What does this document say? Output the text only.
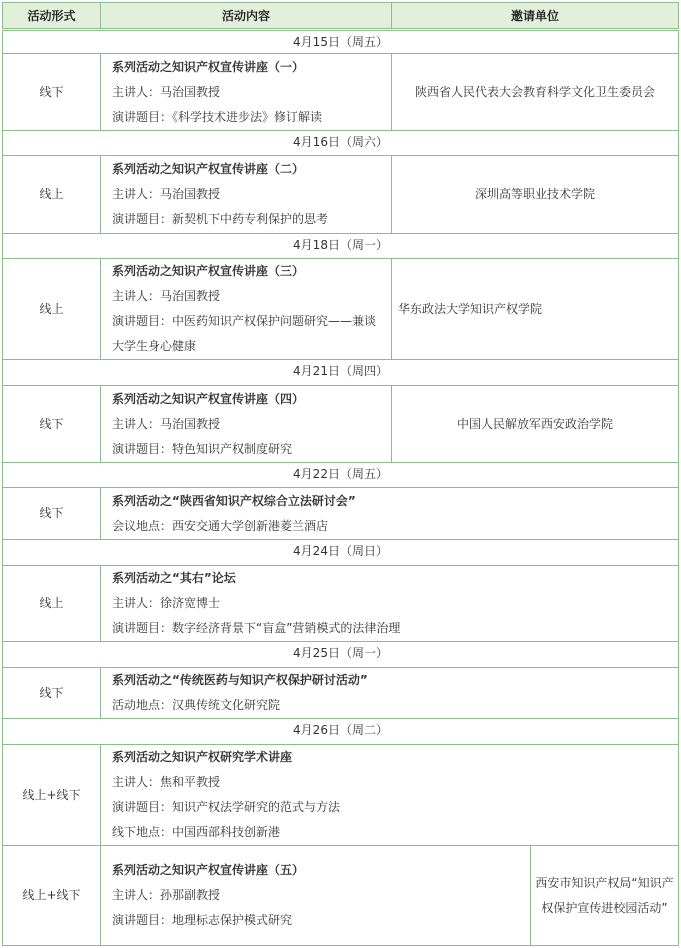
活动形式	活动内容	邀请单位
4月15日（周五）
线下
系列活动之知识产权宣传讲座（一）
主讲人：马治国教授
演讲题目：《科学技术进步法》修订解读
陕西省人民代表大会教育科学文化卫生委员会
4月16日（周六）
线上
系列活动之知识产权宣传讲座（二）
主讲人：马治国教授
演讲题目：新契机下中药专利保护的思考
深圳高等职业技术学院
4月18日（周一）
线上
系列活动之知识产权宣传讲座（三）
主讲人：马治国教授
演讲题目：中医药知识产权保护问题研究——兼谈大学生身心健康
华东政法大学知识产权学院
4月21日（周四）
线下
系列活动之知识产权宣传讲座（四）
主讲人：马治国教授
演讲题目：特色知识产权制度研究
中国人民解放军西安政治学院
4月22日（周五）
线下
系列活动之“陕西省知识产权综合立法研讨会”
会议地点：西安交通大学创新港菱兰酒店
4月24日（周日）
线上
系列活动之“其右”论坛
主讲人：徐济宽博士
演讲题目：数字经济背景下“盲盒”营销模式的法律治理
4月25日（周一）
线下
系列活动之“传统医药与知识产权保护研讨活动”
活动地点：汉典传统文化研究院
4月26日（周二）
线上+线下
系列活动之知识产权研究学术讲座
主讲人：焦和平教授
演讲题目：知识产权法学研究的范式与方法
线下地点：中国西部科技创新港
线上+线下
系列活动之知识产权宣传讲座（五）
主讲人：孙那副教授
演讲题目：地理标志保护模式研究
西安市知识产权局“知识产权保护宣传进校园活动”
